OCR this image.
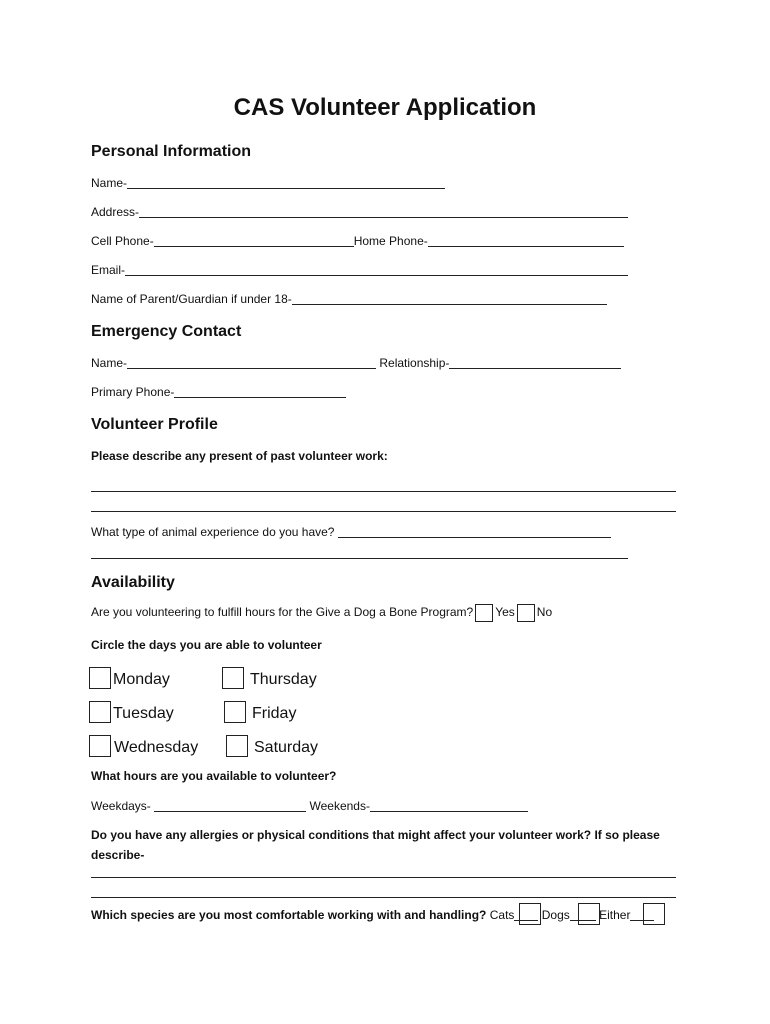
CAS Volunteer Application
Personal Information
Name-
Address-
Cell Phone-	Home Phone-
Email-
Name of Parent/Guardian if under 18-
Emergency Contact
Name-	Relationship-
Primary Phone-
Volunteer Profile
Please describe any present of past volunteer work:
What type of animal experience do you have?
Availability
Are you volunteering to fulfill hours for the Give a Dog a Bone Program? Yes No
Circle the days you are able to volunteer
Monday	Thursday
Tuesday	Friday
Wednesday	Saturday
What hours are you available to volunteer?
Weekdays-	Weekends-
Do you have any allergies or physical conditions that might affect your volunteer work? If so please
describe-
Which species are you most comfortable working with and handling? Cats Dogs Either
